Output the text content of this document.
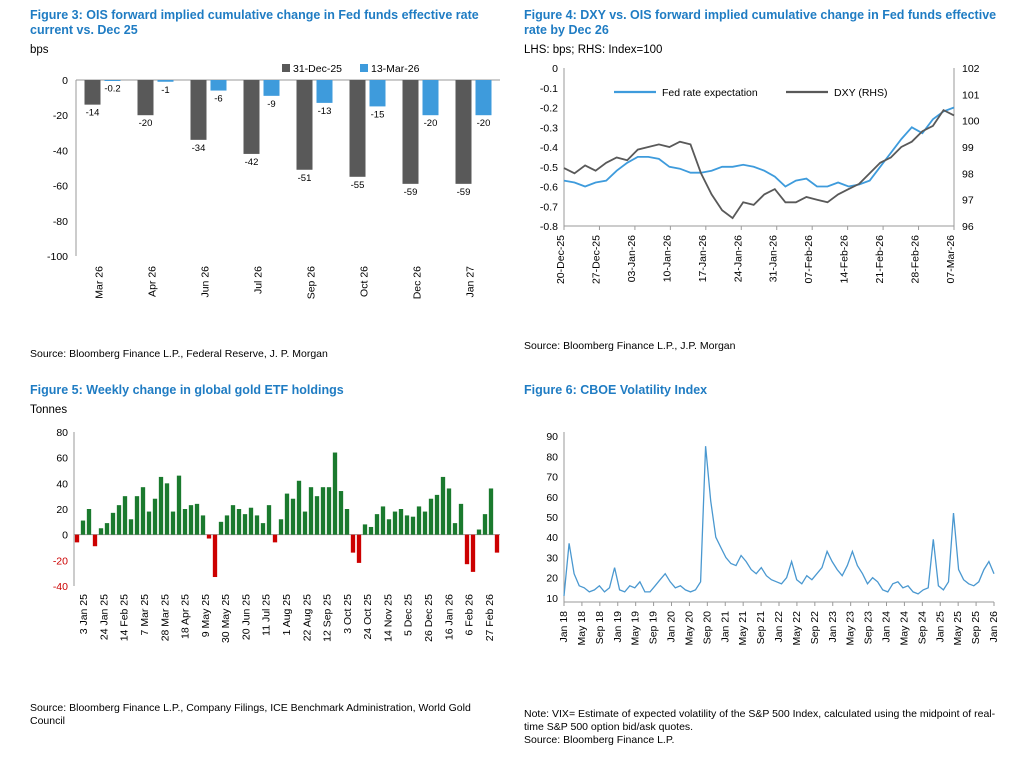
Figure 3: OIS forward implied cumulative change in Fed funds effective rate current vs. Dec 25
bps
31-Dec-25	13-Mar-26
0
-20
-40
-60
-80
-100
-14
-0.2
Mar 26
-20
-1
Apr 26
-34
-6
Jun 26
-42
-9
Jul 26
-51
-13
Sep 26
-55
-15
Oct 26
-59
-20
Dec 26
-59
-20
Jan 27
Source: Bloomberg Finance L.P., Federal Reserve, J. P. Morgan
Figure 4: DXY vs. OIS forward implied cumulative change in Fed funds effective rate by Dec 26
LHS: bps; RHS: Index=100
0
-0.1
-0.2
-0.3
-0.4
-0.5
-0.6
-0.7
-0.8
102
101
100
99
98
97
96
Fed rate expectation	DXY (RHS)
20-Dec-25 27-Dec-25 03-Jan-26 10-Jan-26 17-Jan-26 24-Jan-26 31-Jan-26 07-Feb-26 14-Feb-26 21-Feb-26 28-Feb-26 07-Mar-26
Source: Bloomberg Finance L.P., J.P. Morgan
Figure 5: Weekly change in global gold ETF holdings
Tonnes
80
60
40
20
0
-20
-40
3 Jan 25 24 Jan 25 14 Feb 25 7 Mar 25 28 Mar 25 18 Apr 25 9 May 25 30 May 25 20 Jun 25 11 Jul 25 1 Aug 25 22 Aug 25 12 Sep 25 3 Oct 25 24 Oct 25 14 Nov 25 5 Dec 25 26 Dec 25 16 Jan 26 6 Feb 26 27 Feb 26
Source: Bloomberg Finance L.P., Company Filings, ICE Benchmark Administration, World Gold Council
Figure 6: CBOE Volatility Index
90
80
70
60
50
40
30
20
10
Jan 18 May 18 Sep 18 Jan 19 May 19 Sep 19 Jan 20 May 20 Sep 20 Jan 21 May 21 Sep 21 Jan 22 May 22 Sep 22 Jan 23 May 23 Sep 23 Jan 24 May 24 Sep 24 Jan 25 May 25 Sep 25 Jan 26
Note: VIX= Estimate of expected volatility of the S&P 500 Index, calculated using the midpoint of real-time S&P 500 option bid/ask quotes.
Source: Bloomberg Finance L.P.
